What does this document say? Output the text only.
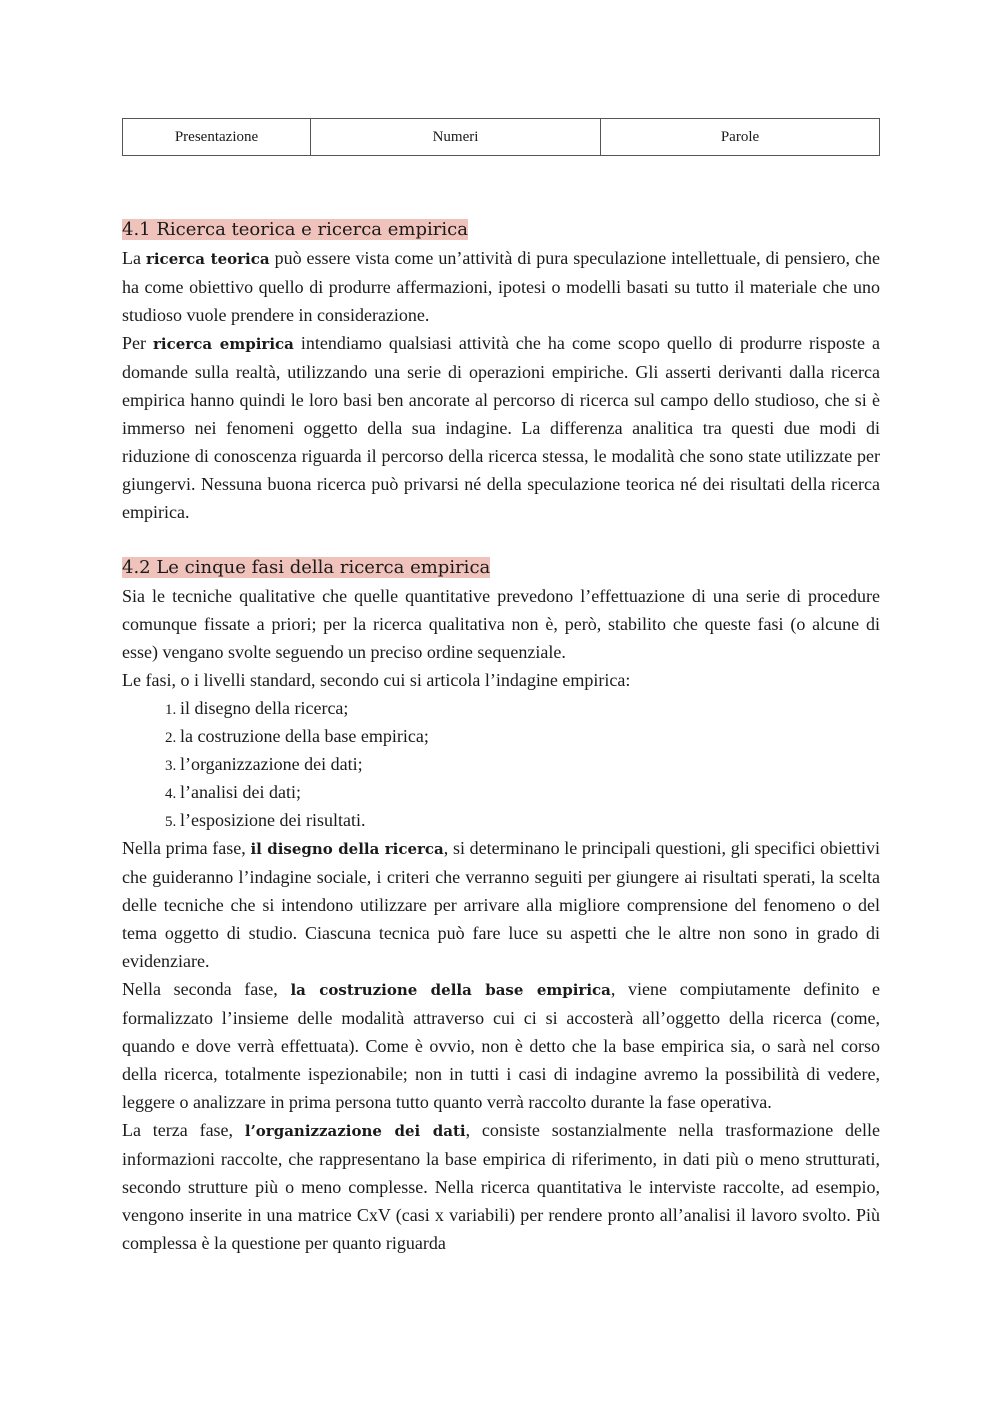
Presentazione	Numeri	Parole
4.1 Ricerca teorica e ricerca empirica

La ricerca teorica può essere vista come un’attività di pura speculazione intellettuale, di pensiero, che ha come obiettivo quello di produrre affermazioni, ipotesi o modelli basati su tutto il materiale che uno studioso vuole prendere in considerazione.

Per ricerca empirica intendiamo qualsiasi attività che ha come scopo quello di produrre risposte a domande sulla realtà, utilizzando una serie di operazioni empiriche. Gli asserti derivanti dalla ricerca empirica hanno quindi le loro basi ben ancorate al percorso di ricerca sul campo dello studioso, che si è immerso nei fenomeni oggetto della sua indagine. La differenza analitica tra questi due modi di riduzione di conoscenza riguarda il percorso della ricerca stessa, le modalità che sono state utilizzate per giungervi. Nessuna buona ricerca può privarsi né della speculazione teorica né dei risultati della ricerca empirica.

4.2 Le cinque fasi della ricerca empirica

Sia le tecniche qualitative che quelle quantitative prevedono l’effettuazione di una serie di procedure comunque fissate a priori; per la ricerca qualitativa non è, però, stabilito che queste fasi (o alcune di esse) vengano svolte seguendo un preciso ordine sequenziale.

Le fasi, o i livelli standard, secondo cui si articola l’indagine empirica:

1. il disegno della ricerca;
2. la costruzione della base empirica;
3. l’organizzazione dei dati;
4. l’analisi dei dati;
5. l’esposizione dei risultati.

Nella prima fase, il disegno della ricerca, si determinano le principali questioni, gli specifici obiettivi che guideranno l’indagine sociale, i criteri che verranno seguiti per giungere ai risultati sperati, la scelta delle tecniche che si intendono utilizzare per arrivare alla migliore comprensione del fenomeno o del tema oggetto di studio. Ciascuna tecnica può fare luce su aspetti che le altre non sono in grado di evidenziare.

Nella seconda fase, la costruzione della base empirica, viene compiutamente definito e formalizzato l’insieme delle modalità attraverso cui ci si accosterà all’oggetto della ricerca (come, quando e dove verrà effettuata). Come è ovvio, non è detto che la base empirica sia, o sarà nel corso della ricerca, totalmente ispezionabile; non in tutti i casi di indagine avremo la possibilità di vedere, leggere o analizzare in prima persona tutto quanto verrà raccolto durante la fase operativa.

La terza fase, l’organizzazione dei dati, consiste sostanzialmente nella trasformazione delle informazioni raccolte, che rappresentano la base empirica di riferimento, in dati più o meno strutturati, secondo strutture più o meno complesse. Nella ricerca quantitativa le interviste raccolte, ad esempio, vengono inserite in una matrice CxV (casi x variabili) per rendere pronto all’analisi il lavoro svolto. Più complessa è la questione per quanto riguarda
